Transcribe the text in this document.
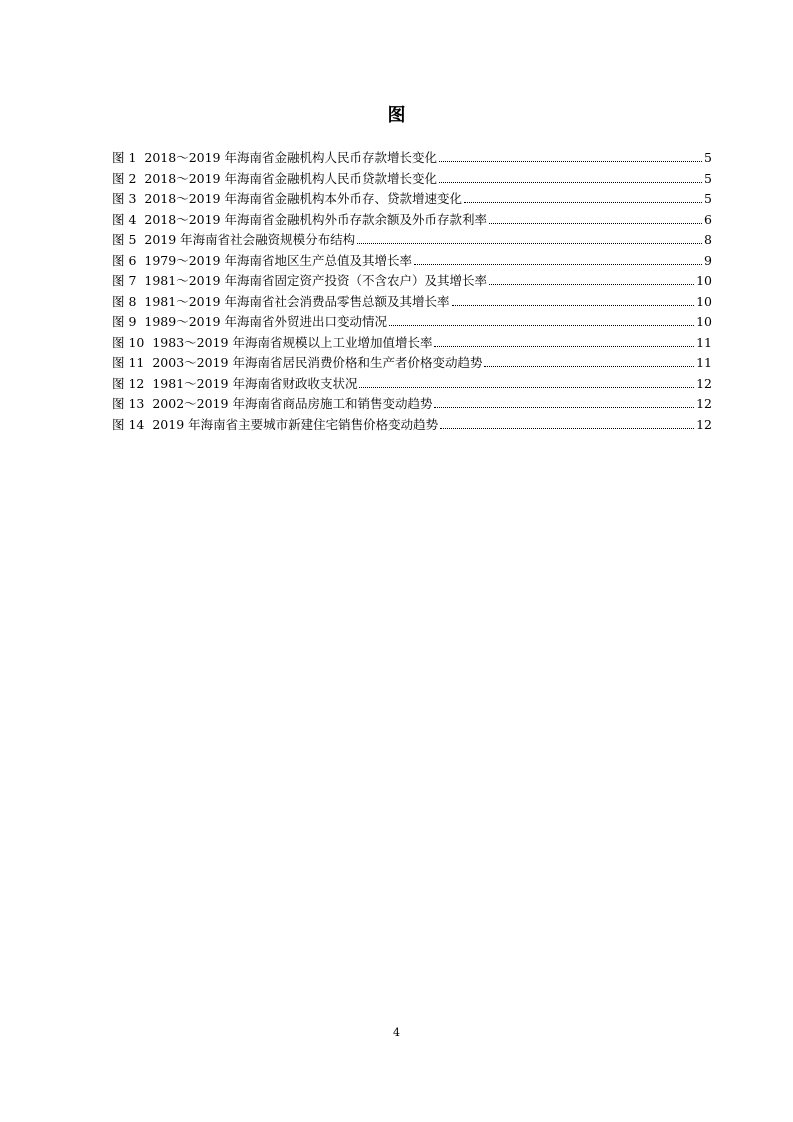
图
图 1 2018～2019 年海南省金融机构人民币存款增长变化	5
图 2 2018～2019 年海南省金融机构人民币贷款增长变化	5
图 3 2018～2019 年海南省金融机构本外币存、贷款增速变化	5
图 4 2018～2019 年海南省金融机构外币存款余额及外币存款利率	6
图 5 2019 年海南省社会融资规模分布结构	8
图 6 1979～2019 年海南省地区生产总值及其增长率	9
图 7 1981～2019 年海南省固定资产投资（不含农户）及其增长率	10
图 8 1981～2019 年海南省社会消费品零售总额及其增长率	10
图 9 1989～2019 年海南省外贸进出口变动情况	10
图 10 1983～2019 年海南省规模以上工业增加值增长率	11
图 11 2003～2019 年海南省居民消费价格和生产者价格变动趋势	11
图 12 1981～2019 年海南省财政收支状况	12
图 13 2002～2019 年海南省商品房施工和销售变动趋势	12
图 14 2019 年海南省主要城市新建住宅销售价格变动趋势	12
4
